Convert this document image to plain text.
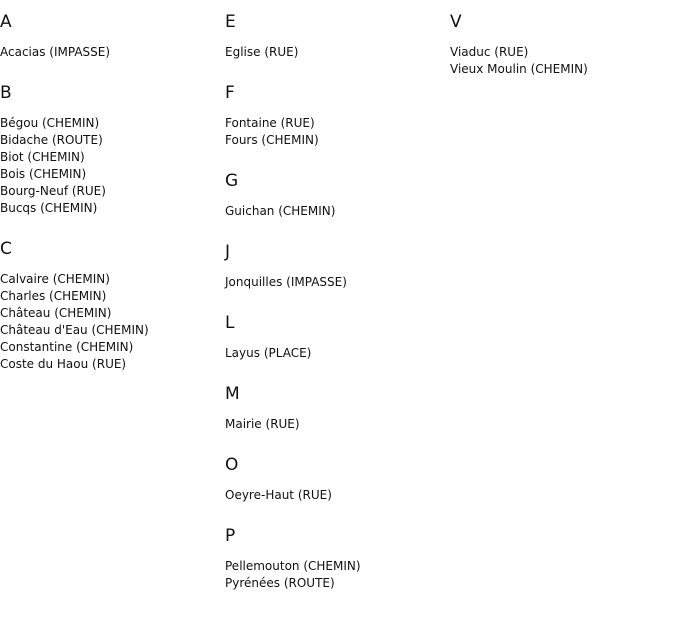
A
Acacias (IMPASSE)
B
Bégou (CHEMIN)
Bidache (ROUTE)
Biot (CHEMIN)
Bois (CHEMIN)
Bourg-Neuf (RUE)
Bucqs (CHEMIN)
C
Calvaire (CHEMIN)
Charles (CHEMIN)
Château (CHEMIN)
Château d'Eau (CHEMIN)
Constantine (CHEMIN)
Coste du Haou (RUE)
E
Eglise (RUE)
F
Fontaine (RUE)
Fours (CHEMIN)
G
Guichan (CHEMIN)
J
Jonquilles (IMPASSE)
L
Layus (PLACE)
M
Mairie (RUE)
O
Oeyre-Haut (RUE)
P
Pellemouton (CHEMIN)
Pyrénées (ROUTE)
V
Viaduc (RUE)
Vieux Moulin (CHEMIN)
